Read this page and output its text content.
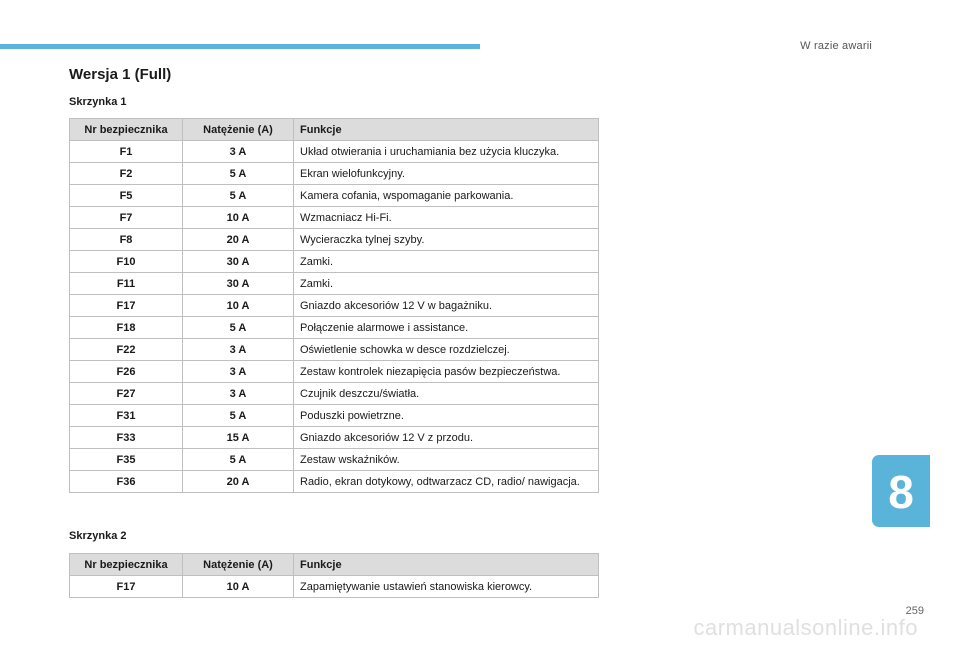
W razie awarii
Wersja 1 (Full)
Skrzynka 1
Nr bezpiecznika	Natężenie (A)	Funkcje
F1	3 A	Układ otwierania i uruchamiania bez użycia kluczyka.
F2	5 A	Ekran wielofunkcyjny.
F5	5 A	Kamera cofania, wspomaganie parkowania.
F7	10 A	Wzmacniacz Hi-Fi.
F8	20 A	Wycieraczka tylnej szyby.
F10	30 A	Zamki.
F11	30 A	Zamki.
F17	10 A	Gniazdo akcesoriów 12 V w bagażniku.
F18	5 A	Połączenie alarmowe i assistance.
F22	3 A	Oświetlenie schowka w desce rozdzielczej.
F26	3 A	Zestaw kontrolek niezapięcia pasów bezpieczeństwa.
F27	3 A	Czujnik deszczu/światła.
F31	5 A	Poduszki powietrzne.
F33	15 A	Gniazdo akcesoriów 12 V z przodu.
F35	5 A	Zestaw wskaźników.
F36	20 A	Radio, ekran dotykowy, odtwarzacz CD, radio/ nawigacja.
Skrzynka 2
Nr bezpiecznika	Natężenie (A)	Funkcje
F17	10 A	Zapamiętywanie ustawień stanowiska kierowcy.
8
259
carmanualsonline.info
